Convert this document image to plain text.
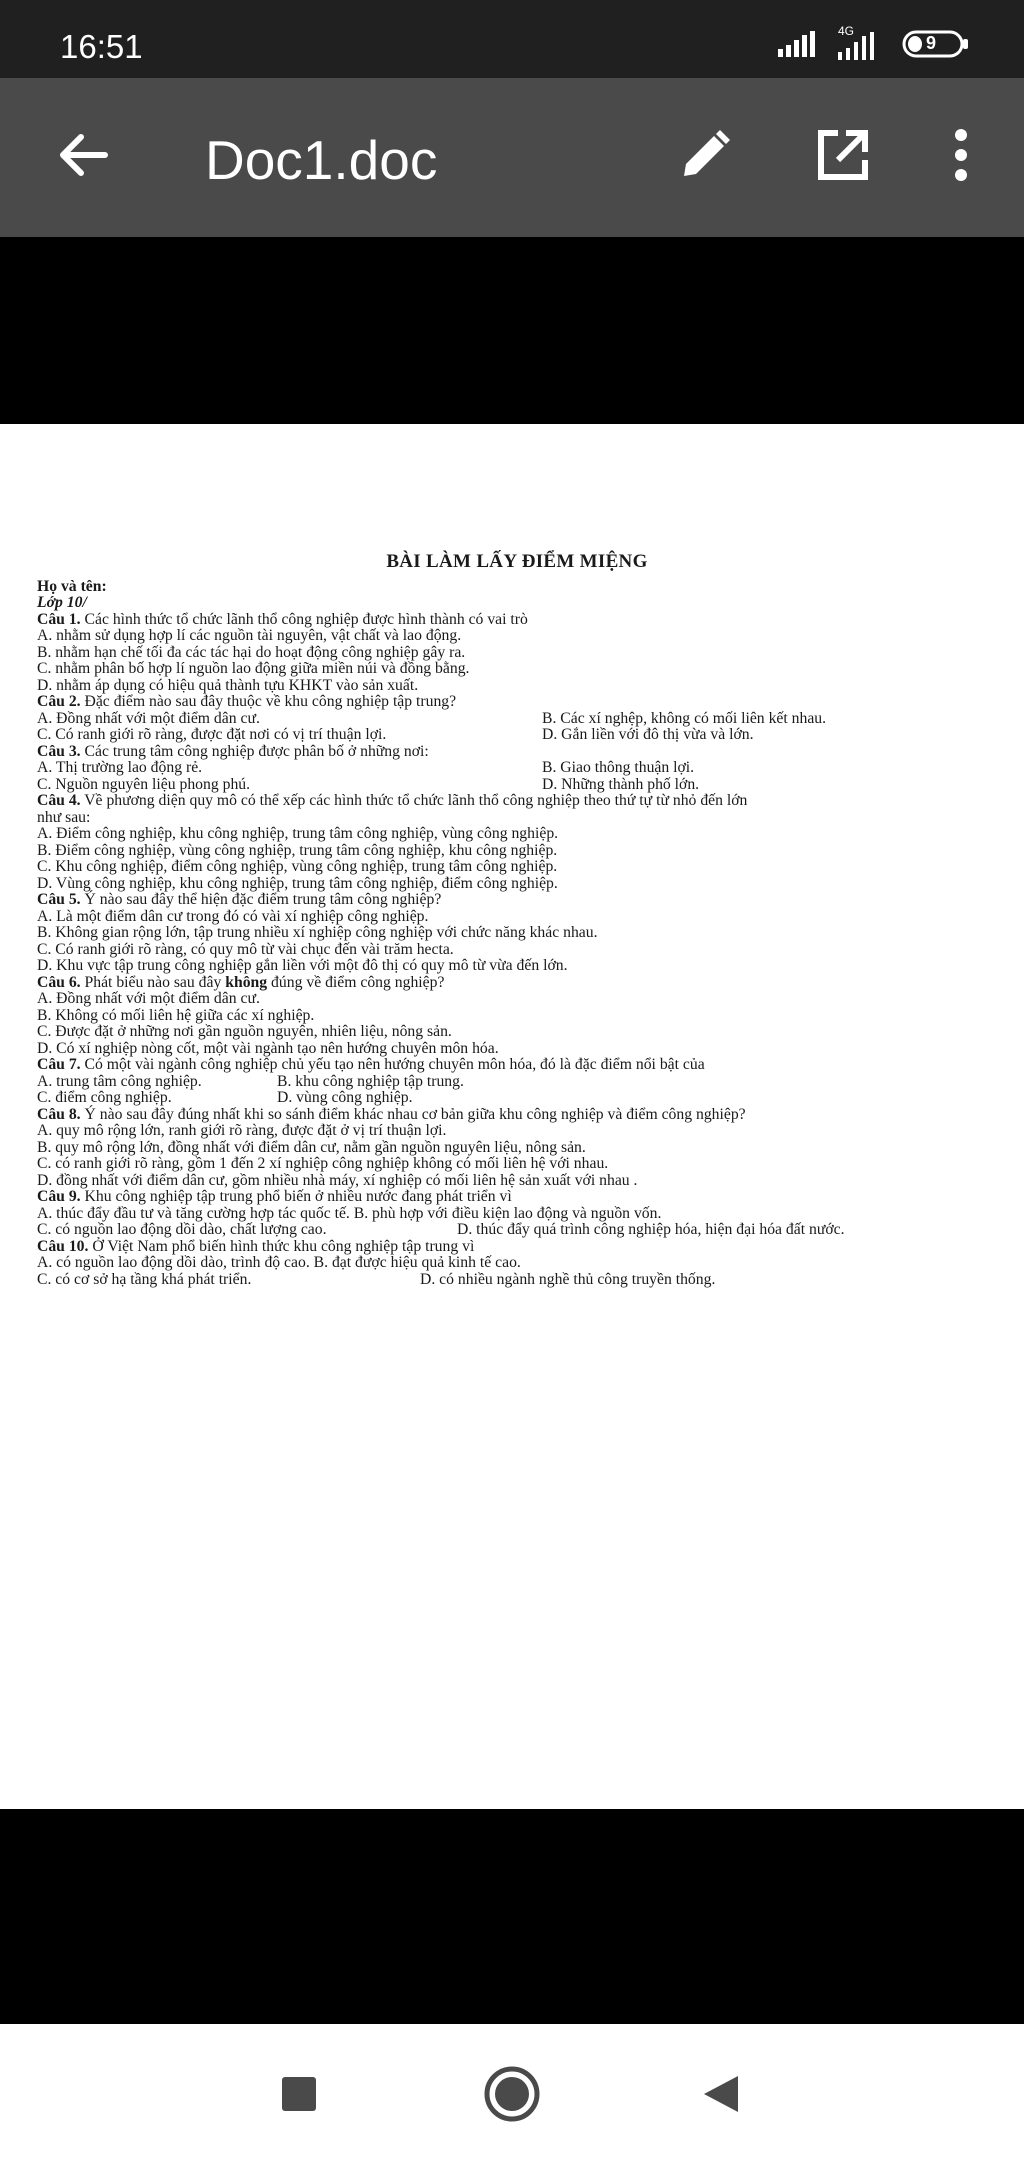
16:51	4G
9
Doc1.doc
BÀI LÀM LẤY ĐIỂM MIỆNG
Họ và tên:
Lớp 10/
Câu 1. Các hình thức tổ chức lãnh thổ công nghiệp được hình thành có vai trò
A. nhằm sử dụng hợp lí các nguồn tài nguyên, vật chất và lao động.
B. nhằm hạn chế tối đa các tác hại do hoạt động công nghiệp gây ra.
C. nhằm phân bố hợp lí nguồn lao động giữa miền núi và đồng bằng.
D. nhằm áp dụng có hiệu quả thành tựu KHKT vào sản xuất.
Câu 2. Đặc điểm nào sau đây thuộc về khu công nghiệp tập trung?
A. Đồng nhất với một điểm dân cư.	B. Các xí nghệp, không có mối liên kết nhau.
C. Có ranh giới rõ ràng, được đặt nơi có vị trí thuận lợi.	D. Gắn liền với đô thị vừa và lớn.
Câu 3. Các trung tâm công nghiệp được phân bố ở những nơi:
A. Thị trường lao động rẻ.	B. Giao thông thuận lợi.
C. Nguồn nguyên liệu phong phú.	D. Những thành phố lớn.
Câu 4. Về phương diện quy mô có thể xếp các hình thức tổ chức lãnh thổ công nghiệp theo thứ tự từ nhỏ đến lớn
như sau:
A. Điểm công nghiệp, khu công nghiệp, trung tâm công nghiệp, vùng công nghiệp.
B. Điểm công nghiệp, vùng công nghiệp, trung tâm công nghiệp, khu công nghiệp.
C. Khu công nghiệp, điểm công nghiệp, vùng công nghiệp, trung tâm công nghiệp.
D. Vùng công nghiệp, khu công nghiệp, trung tâm công nghiệp, điểm công nghiệp.
Câu 5. Ý nào sau đây thể hiện đặc điểm trung tâm công nghiệp?
A. Là một điểm dân cư trong đó có vài xí nghiệp công nghiệp.
B. Không gian rộng lớn, tập trung nhiều xí nghiệp công nghiệp với chức năng khác nhau.
C. Có ranh giới rõ ràng, có quy mô từ vài chục đến vài trăm hecta.
D. Khu vực tập trung công nghiệp gắn liền với một đô thị có quy mô từ vừa đến lớn.
Câu 6. Phát biểu nào sau đây không đúng về điểm công nghiệp?
A. Đồng nhất với một điểm dân cư.
B. Không có mối liên hệ giữa các xí nghiệp.
C. Được đặt ở những nơi gần nguồn nguyên, nhiên liệu, nông sản.
D. Có xí nghiệp nòng cốt, một vài ngành tạo nên hướng chuyên môn hóa.
Câu 7. Có một vài ngành công nghiệp chủ yếu tạo nên hướng chuyên môn hóa, đó là đặc điểm nổi bật của
A. trung tâm công nghiệp.	B. khu công nghiệp tập trung.
C. điểm công nghiệp.	D. vùng công nghiệp.
Câu 8. Ý nào sau đây đúng nhất khi so sánh điểm khác nhau cơ bản giữa khu công nghiệp và điểm công nghiệp?
A. quy mô rộng lớn, ranh giới rõ ràng, được đặt ở vị trí thuận lợi.
B. quy mô rộng lớn, đồng nhất với điểm dân cư, nằm gần nguồn nguyên liệu, nông sản.
C. có ranh giới rõ ràng, gồm 1 đến 2 xí nghiệp công nghiệp không có mối liên hệ với nhau.
D. đồng nhất với điểm dân cư, gồm nhiều nhà máy, xí nghiệp có mối liên hệ sản xuất với nhau .
Câu 9. Khu công nghiệp tập trung phổ biến ở nhiều nước đang phát triển vì
A. thúc đẩy đầu tư và tăng cường hợp tác quốc tế. B. phù hợp với điều kiện lao động và nguồn vốn.
C. có nguồn lao động dồi dào, chất lượng cao.	D. thúc đẩy quá trình công nghiệp hóa, hiện đại hóa đất nước.
Câu 10. Ở Việt Nam phổ biến hình thức khu công nghiệp tập trung vì
A. có nguồn lao động dồi dào, trình độ cao. B. đạt được hiệu quả kinh tế cao.
C. có cơ sở hạ tầng khá phát triển.	D. có nhiều ngành nghề thủ công truyền thống.
